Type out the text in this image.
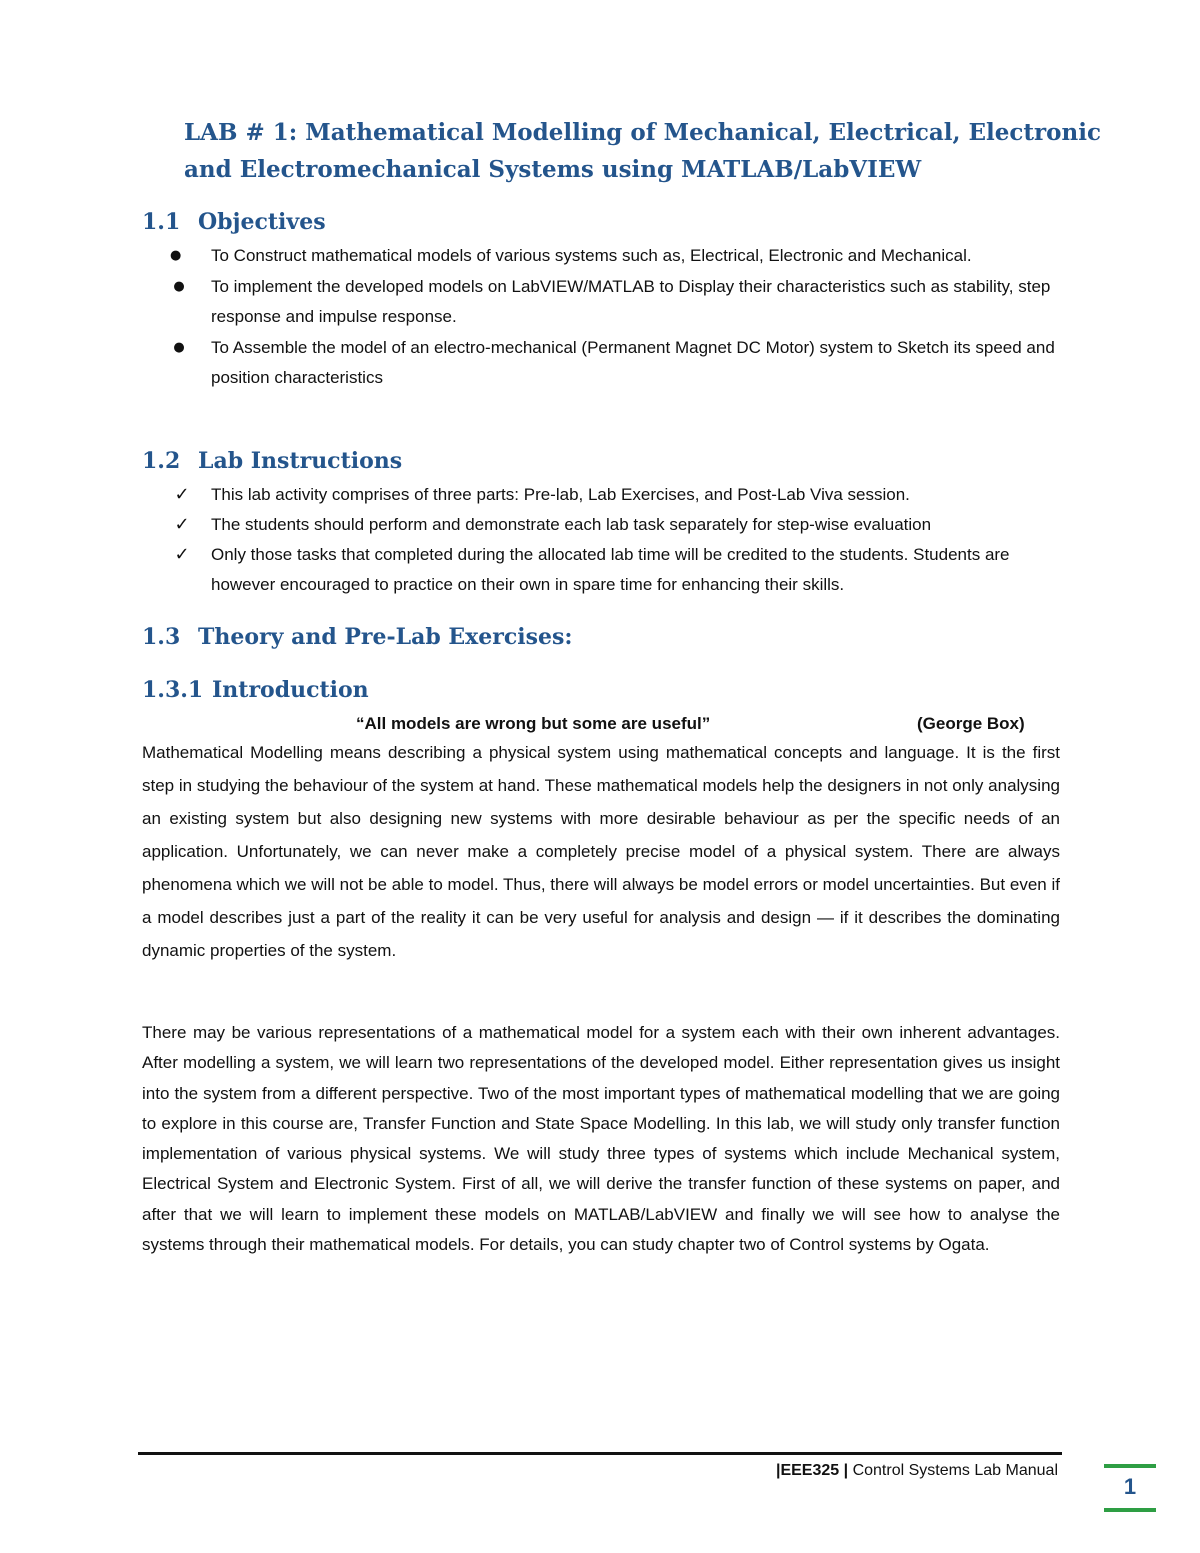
LAB # 1: Mathematical Modelling of Mechanical, Electrical, Electronic
and Electromechanical Systems using MATLAB/LabVIEW
1.1 Objectives
●	To Construct mathematical models of various systems such as, Electrical, Electronic and Mechanical.
● To implement the developed models on LabVIEW/MATLAB to Display their characteristics such as stability, step response and impulse response.
● To Assemble the model of an electro-mechanical (Permanent Magnet DC Motor) system to Sketch its speed and position characteristics
1.2 Lab Instructions
✓ This lab activity comprises of three parts: Pre-lab, Lab Exercises, and Post-Lab Viva session.
✓ The students should perform and demonstrate each lab task separately for step-wise evaluation
✓ Only those tasks that completed during the allocated lab time will be credited to the students. Students are however encouraged to practice on their own in spare time for enhancing their skills.
1.3 Theory and Pre-Lab Exercises:
1.3.1 Introduction
“All models are wrong but some are useful”	(George Box)

Mathematical Modelling means describing a physical system using mathematical concepts and language. It is the first step in studying the behaviour of the system at hand. These mathematical models help the designers in not only analysing an existing system but also designing new systems with more desirable behaviour as per the specific needs of an application. Unfortunately, we can never make a completely precise model of a physical system. There are always phenomena which we will not be able to model. Thus, there will always be model errors or model uncertainties. But even if a model describes just a part of the reality it can be very useful for analysis and design — if it describes the dominating dynamic properties of the system.

There may be various representations of a mathematical model for a system each with their own inherent advantages. After modelling a system, we will learn two representations of the developed model. Either representation gives us insight into the system from a different perspective. Two of the most important types of mathematical modelling that we are going to explore in this course are, Transfer Function and State Space Modelling. In this lab, we will study only transfer function implementation of various physical systems. We will study three types of systems which include Mechanical system, Electrical System and Electronic System. First of all, we will derive the transfer function of these systems on paper, and after that we will learn to implement these models on MATLAB/LabVIEW and finally we will see how to analyse the systems through their mathematical models. For details, you can study chapter two of Control systems by Ogata.

|EEE325 | Control Systems Lab Manual
1
